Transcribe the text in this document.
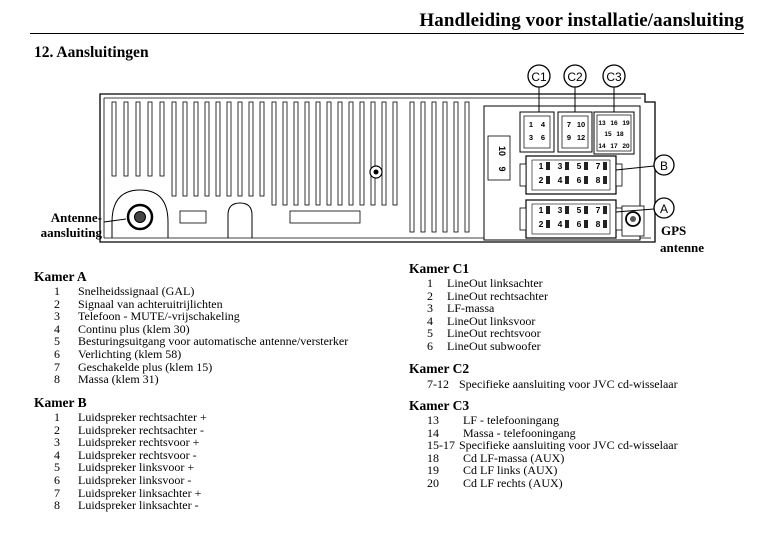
Handleiding voor installatie/aansluiting
12. Aansluitingen
10
9
1 4
3 6
7 10
9 12
13 16 19
15 18
14 17 20
1 3 5 7
2 4 6 8
1 3 5 7
2 4 6 8
C1 C2 C3
B
A
Antenne-
aansluiting	GPS
antenne
Kamer A
1 Snelheidssignaal (GAL)
2 Signaal van achteruitrijlichten
3 Telefoon - MUTE/-vrijschakeling
4 Continu plus (klem 30)
5 Besturingsuitgang voor automatische antenne/versterker
6 Verlichting (klem 58)
7 Geschakelde plus (klem 15)
8 Massa (klem 31)
Kamer B
1 Luidspreker rechtsachter +
2 Luidspreker rechtsachter -
3 Luidspreker rechtsvoor +
4 Luidspreker rechtsvoor -
5 Luidspreker linksvoor +
6 Luidspreker linksvoor -
7 Luidspreker linksachter +
8 Luidspreker linksachter -
Kamer C1
1 LineOut linksachter
2 LineOut rechtsachter
3 LF-massa
4 LineOut linksvoor
5 LineOut rechtsvoor
6 LineOut subwoofer
Kamer C2
7-12 Specifieke aansluiting voor JVC cd-wisselaar
Kamer C3
13 LF - telefooningang
14 Massa - telefooningang
15-17 Specifieke aansluiting voor JVC cd-wisselaar
18 Cd LF-massa (AUX)
19 Cd LF links (AUX)
20 Cd LF rechts (AUX)
